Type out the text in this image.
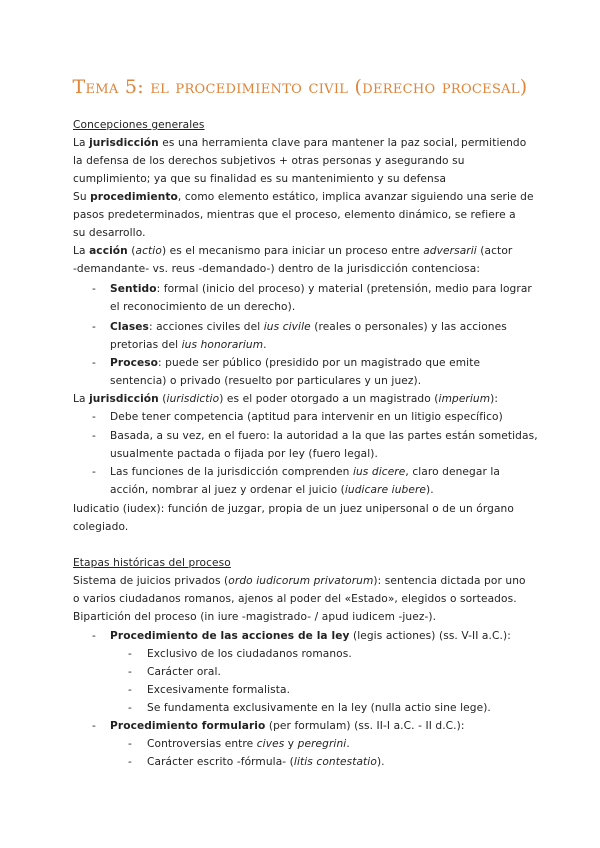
Tema 5: el procedimiento civil (derecho procesal)
Concepciones generales
La jurisdicción es una herramienta clave para mantener la paz social, permitiendo
la defensa de los derechos subjetivos + otras personas y asegurando su
cumplimiento; ya que su finalidad es su mantenimiento y su defensa
Su procedimiento, como elemento estático, implica avanzar siguiendo una serie de
pasos predeterminados, mientras que el proceso, elemento dinámico, se refiere a
su desarrollo.
La acción (actio) es el mecanismo para iniciar un proceso entre adversarii (actor
-demandante- vs. reus -demandado-) dentro de la jurisdicción contenciosa:
- Sentido: formal (inicio del proceso) y material (pretensión, medio para lograr
el reconocimiento de un derecho).
- Clases: acciones civiles del ius civile (reales o personales) y las acciones
pretorias del ius honorarium.
- Proceso: puede ser público (presidido por un magistrado que emite
sentencia) o privado (resuelto por particulares y un juez).
La jurisdicción (iurisdictio) es el poder otorgado a un magistrado (imperium):
- Debe tener competencia (aptitud para intervenir en un litigio específico)
- Basada, a su vez, en el fuero: la autoridad a la que las partes están sometidas,
usualmente pactada o fijada por ley (fuero legal).
- Las funciones de la jurisdicción comprenden ius dicere, claro denegar la
acción, nombrar al juez y ordenar el juicio (iudicare iubere).
Iudicatio (iudex): función de juzgar, propia de un juez unipersonal o de un órgano
colegiado.
Etapas históricas del proceso
Sistema de juicios privados (ordo iudicorum privatorum): sentencia dictada por uno
o varios ciudadanos romanos, ajenos al poder del «Estado», elegidos o sorteados.
Bipartición del proceso (in iure -magistrado- / apud iudicem -juez-).
- Procedimiento de las acciones de la ley (legis actiones) (ss. V-II a.C.):
- Exclusivo de los ciudadanos romanos.
- Carácter oral.
- Excesivamente formalista.
- Se fundamenta exclusivamente en la ley (nulla actio sine lege).
- Procedimiento formulario (per formulam) (ss. II-I a.C. - II d.C.):
- Controversias entre cives y peregrini.
- Carácter escrito -fórmula- (litis contestatio).
